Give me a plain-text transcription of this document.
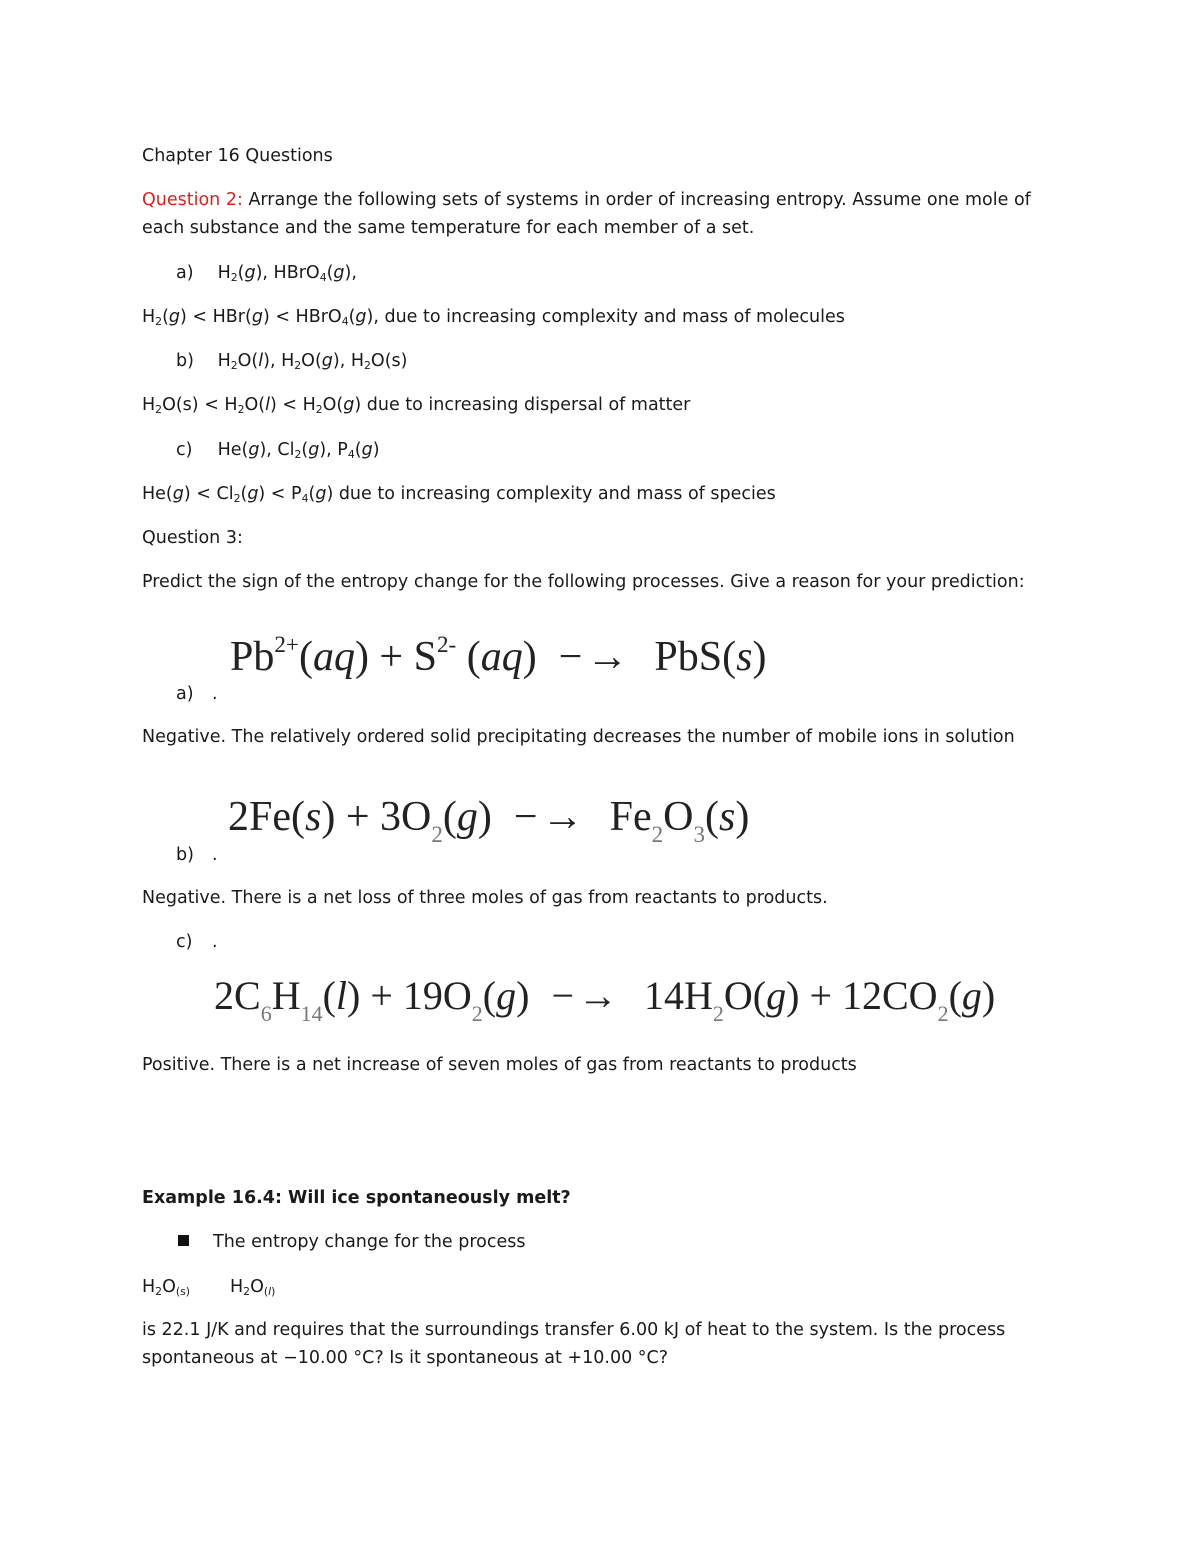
Chapter 16 Questions
Question 2: Arrange the following sets of systems in order of increasing entropy. Assume one mole of
each substance and the same temperature for each member of a set.
a) $H_2(g)$, HBrO$_4$(g),
$H_2(g) < HBr(g)$ < HBrO$_4$(g), due to increasing complexity and mass of molecules
b) $H_2O(l)$, $H_2O(g)$, $H_2O(s)$
$H_2O(s) < H_2O(l) < H_2O(g)$ due to increasing dispersal of matter
c) He(g), $Cl_2(g)$, $P_4(g)$
$He(g) < Cl_2(g) < P_4(g)$ due to increasing complexity and mass of species
Question 3:
Predict the sign of the entropy change for the following processes. Give a reason for your prediction:
$Pb^{2+}(aq) + S^{2-}$ (aq) −→ PbS(s)
a) .
Negative. The relatively ordered solid precipitating decreases the number of mobile ions in solution
$2Fe(s) + 3O_2(g) -\to Fe_2O_3(s)$
b) .
Negative. There is a net loss of three moles of gas from reactants to products.
c) .
$2C_6H_{14}(l) + 19O_2(g) -\to 14H_2O(g) + 12CO_2(g)$
Positive. There is a net increase of seven moles of gas from reactants to products
Example 16.4: Will ice spontaneously melt?
The entropy change for the process
$H_2O_{(s)}$ $H_2O_{(l)}$
is 22.1 J/K and requires that the surroundings transfer 6.00 kJ of heat to the system. Is the process
spontaneous at −10.00 °C? Is it spontaneous at +10.00 °C?
